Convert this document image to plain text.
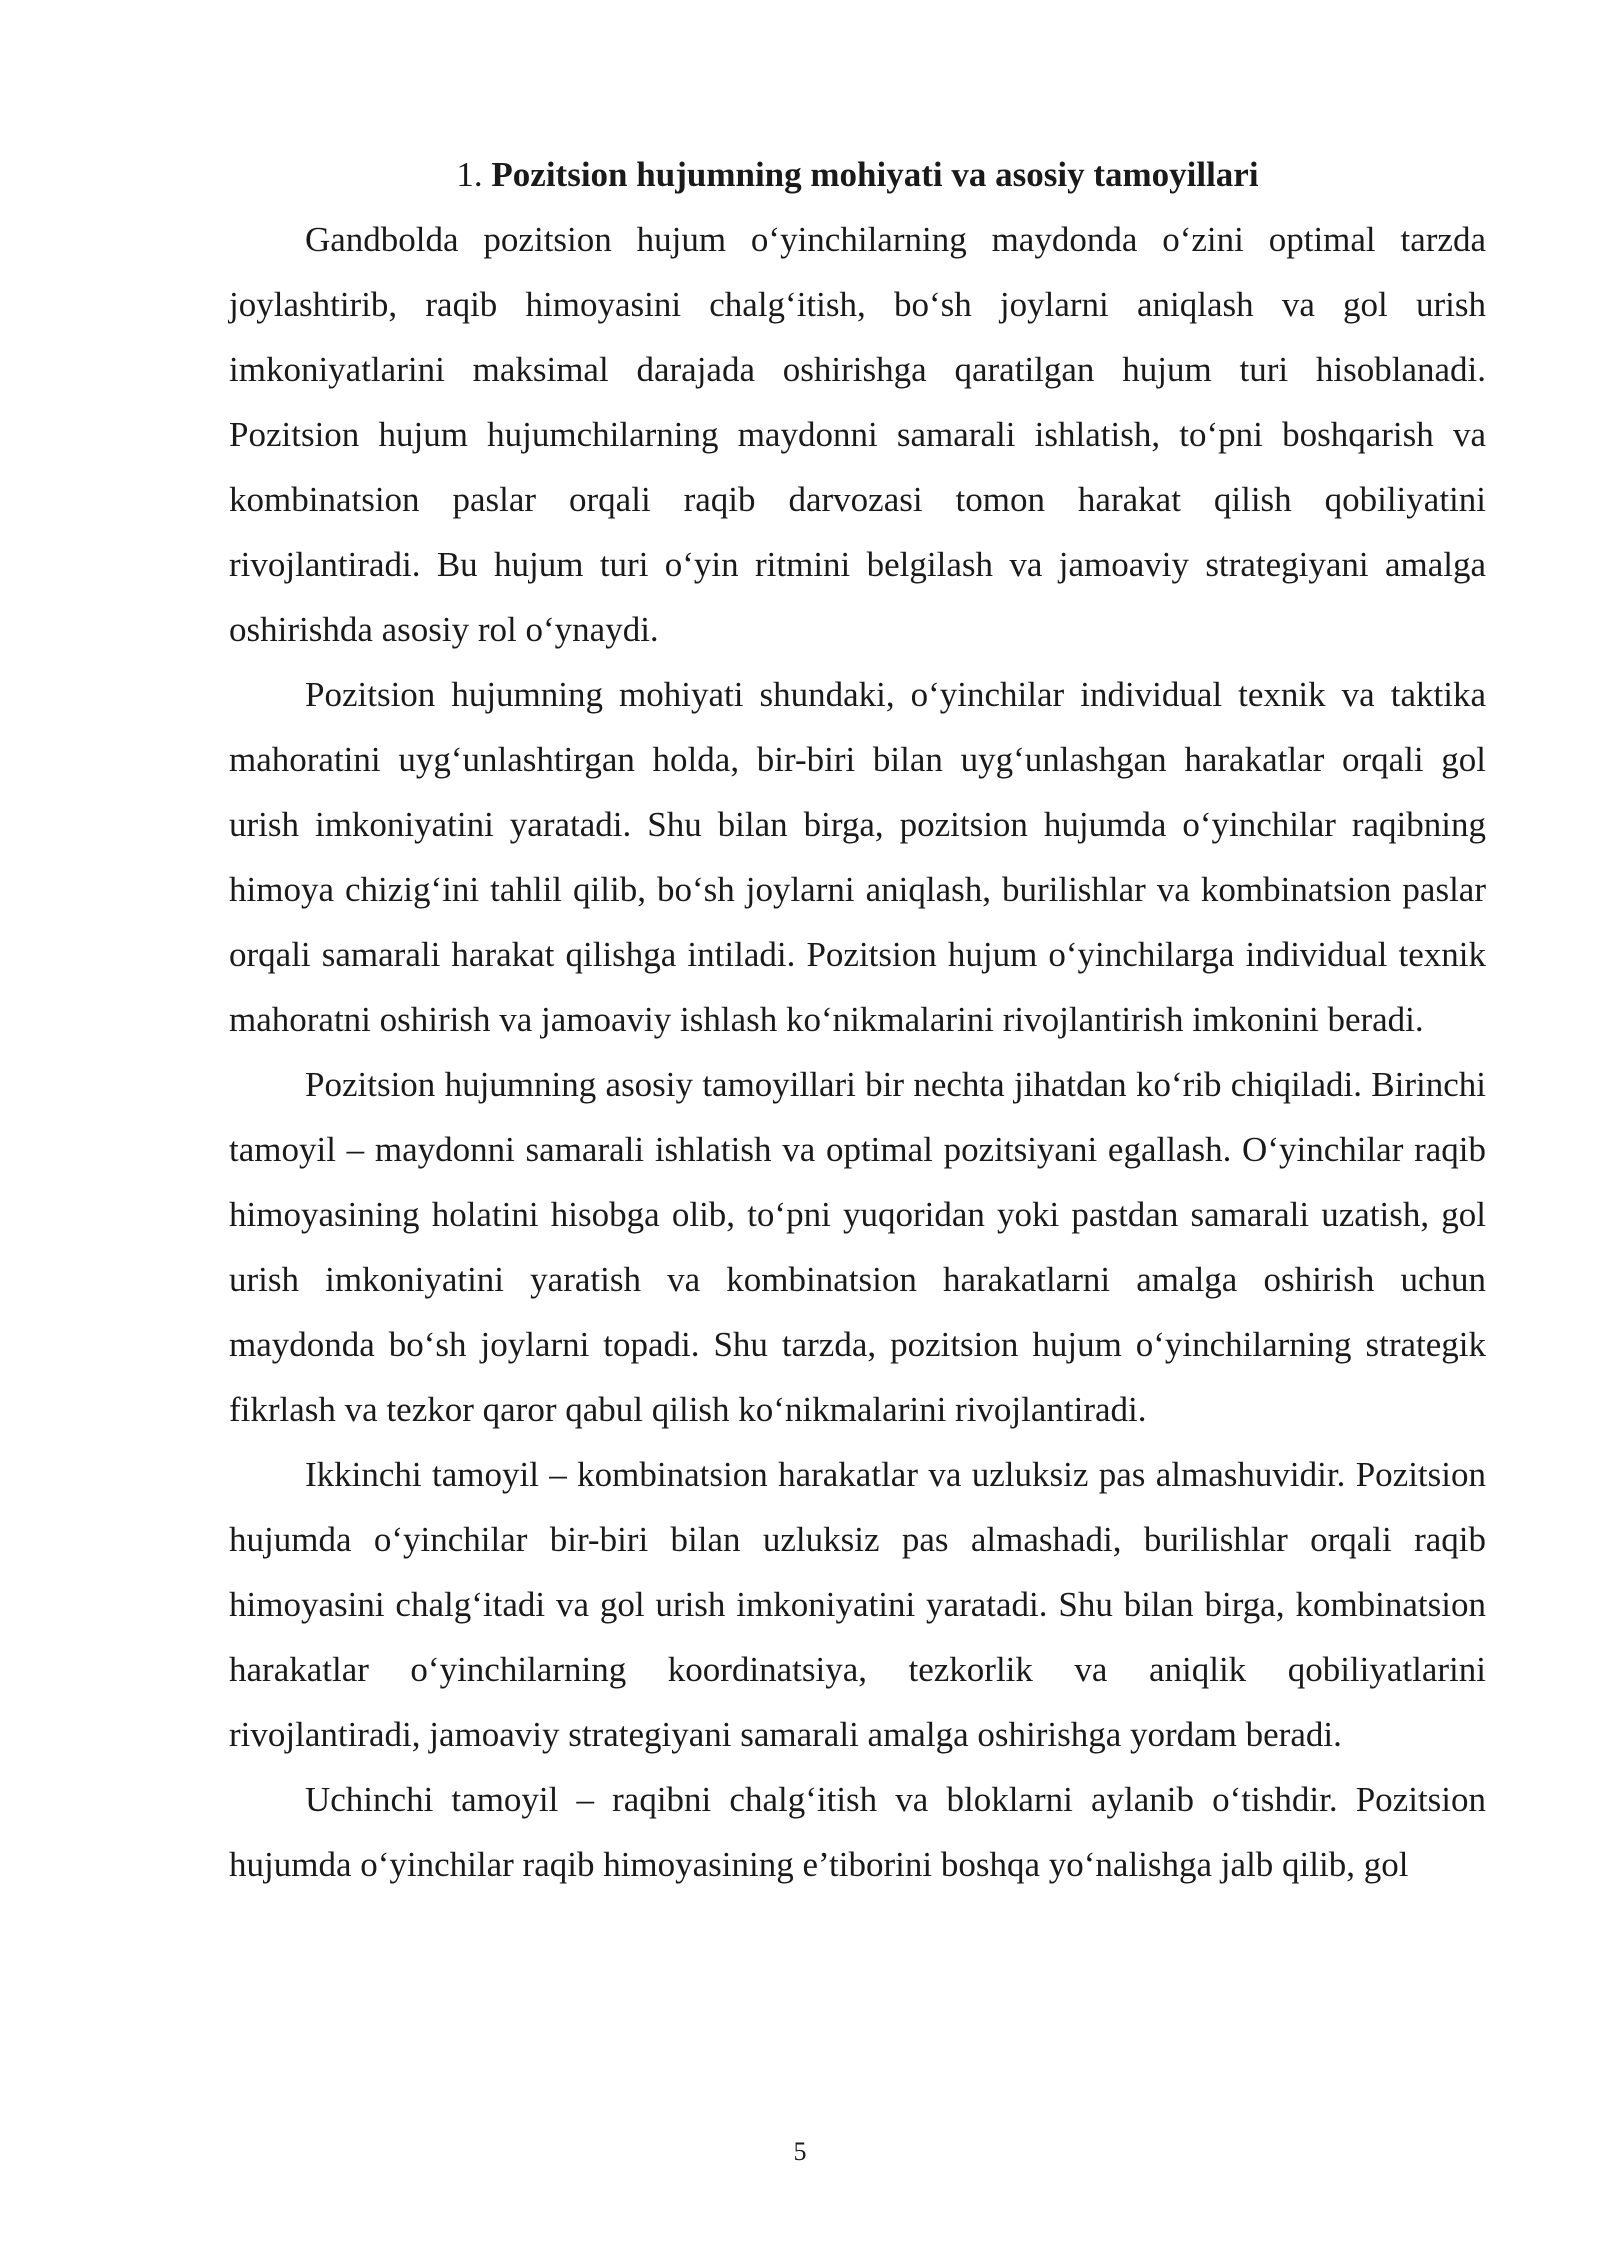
1. Pozitsion hujumning mohiyati va asosiy tamoyillari

Gandbolda pozitsion hujum o‘yinchilarning maydonda o‘zini optimal tarzda joylashtirib, raqib himoyasini chalg‘itish, bo‘sh joylarni aniqlash va gol urish imkoniyatlarini maksimal darajada oshirishga qaratilgan hujum turi hisoblanadi. Pozitsion hujum hujumchilarning maydonni samarali ishlatish, to‘pni boshqarish va kombinatsion paslar orqali raqib darvozasi tomon harakat qilish qobiliyatini rivojlantiradi. Bu hujum turi o‘yin ritmini belgilash va jamoaviy strategiyani amalga oshirishda asosiy rol o‘ynaydi.

Pozitsion hujumning mohiyati shundaki, o‘yinchilar individual texnik va taktika mahoratini uyg‘unlashtirgan holda, bir-biri bilan uyg‘unlashgan harakatlar orqali gol urish imkoniyatini yaratadi. Shu bilan birga, pozitsion hujumda o‘yinchilar raqibning himoya chizig‘ini tahlil qilib, bo‘sh joylarni aniqlash, burilishlar va kombinatsion paslar orqali samarali harakat qilishga intiladi. Pozitsion hujum o‘yinchilarga individual texnik mahoratni oshirish va jamoaviy ishlash ko‘nikmalarini rivojlantirish imkonini beradi.

Pozitsion hujumning asosiy tamoyillari bir nechta jihatdan ko‘rib chiqiladi. Birinchi tamoyil – maydonni samarali ishlatish va optimal pozitsiyani egallash. O‘yinchilar raqib himoyasining holatini hisobga olib, to‘pni yuqoridan yoki pastdan samarali uzatish, gol urish imkoniyatini yaratish va kombinatsion harakatlarni amalga oshirish uchun maydonda bo‘sh joylarni topadi. Shu tarzda, pozitsion hujum o‘yinchilarning strategik fikrlash va tezkor qaror qabul qilish ko‘nikmalarini rivojlantiradi.

Ikkinchi tamoyil – kombinatsion harakatlar va uzluksiz pas almashuvidir. Pozitsion hujumda o‘yinchilar bir-biri bilan uzluksiz pas almashadi, burilishlar orqali raqib himoyasini chalg‘itadi va gol urish imkoniyatini yaratadi. Shu bilan birga, kombinatsion harakatlar o‘yinchilarning koordinatsiya, tezkorlik va aniqlik qobiliyatlarini rivojlantiradi, jamoaviy strategiyani samarali amalga oshirishga yordam beradi.

Uchinchi tamoyil – raqibni chalg‘itish va bloklarni aylanib o‘tishdir. Pozitsion hujumda o‘yinchilar raqib himoyasining e’tiborini boshqa yo‘nalishga jalb qilib, gol

5
